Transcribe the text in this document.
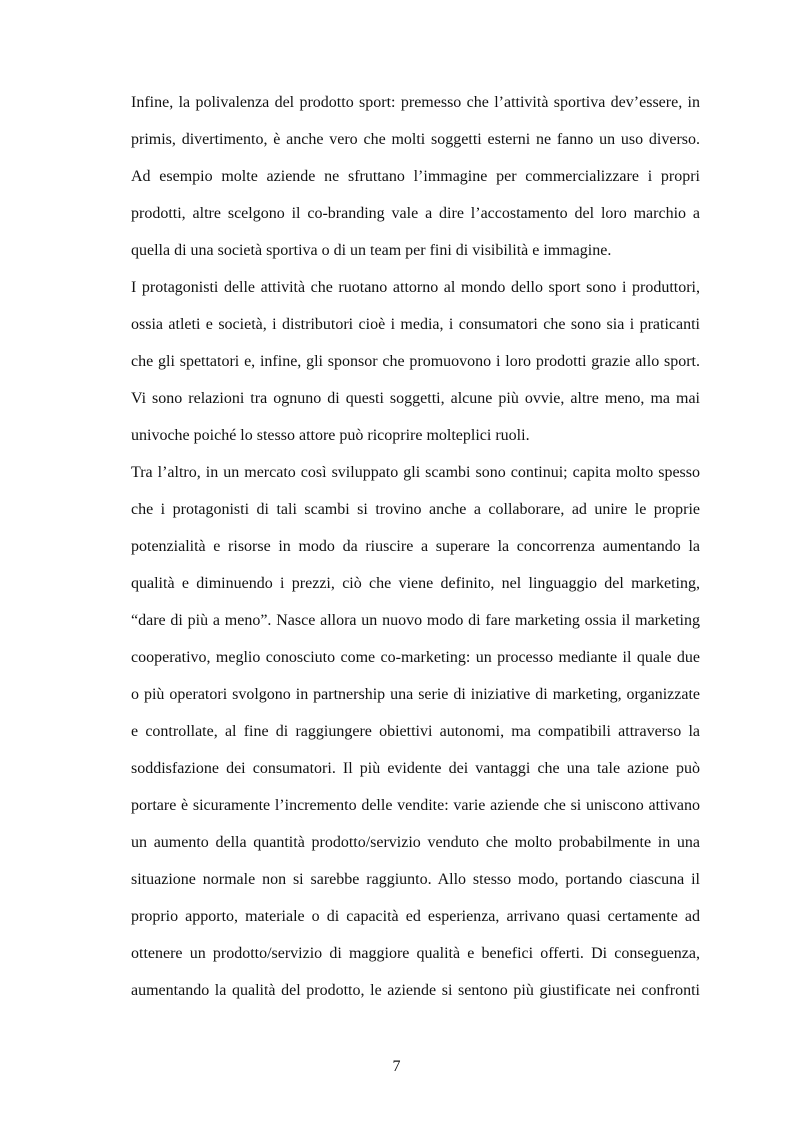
Infine, la polivalenza del prodotto sport: premesso che l’attività sportiva dev’essere, in
primis, divertimento, è anche vero che molti soggetti esterni ne fanno un uso diverso.
Ad esempio molte aziende ne sfruttano l’immagine per commercializzare i propri
prodotti, altre scelgono il co-branding vale a dire l’accostamento del loro marchio a
quella di una società sportiva o di un team per fini di visibilità e immagine.
I protagonisti delle attività che ruotano attorno al mondo dello sport sono i produttori,
ossia atleti e società, i distributori cioè i media, i consumatori che sono sia i praticanti
che gli spettatori e, infine, gli sponsor che promuovono i loro prodotti grazie allo sport.
Vi sono relazioni tra ognuno di questi soggetti, alcune più ovvie, altre meno, ma mai
univoche poiché lo stesso attore può ricoprire molteplici ruoli.
Tra l’altro, in un mercato così sviluppato gli scambi sono continui; capita molto spesso
che i protagonisti di tali scambi si trovino anche a collaborare, ad unire le proprie
potenzialità e risorse in modo da riuscire a superare la concorrenza aumentando la
qualità e diminuendo i prezzi, ciò che viene definito, nel linguaggio del marketing,
“dare di più a meno”. Nasce allora un nuovo modo di fare marketing ossia il marketing
cooperativo, meglio conosciuto come co-marketing: un processo mediante il quale due
o più operatori svolgono in partnership una serie di iniziative di marketing, organizzate
e controllate, al fine di raggiungere obiettivi autonomi, ma compatibili attraverso la
soddisfazione dei consumatori. Il più evidente dei vantaggi che una tale azione può
portare è sicuramente l’incremento delle vendite: varie aziende che si uniscono attivano
un aumento della quantità prodotto/servizio venduto che molto probabilmente in una
situazione normale non si sarebbe raggiunto. Allo stesso modo, portando ciascuna il
proprio apporto, materiale o di capacità ed esperienza, arrivano quasi certamente ad
ottenere un prodotto/servizio di maggiore qualità e benefici offerti. Di conseguenza,
aumentando la qualità del prodotto, le aziende si sentono più giustificate nei confronti
7
